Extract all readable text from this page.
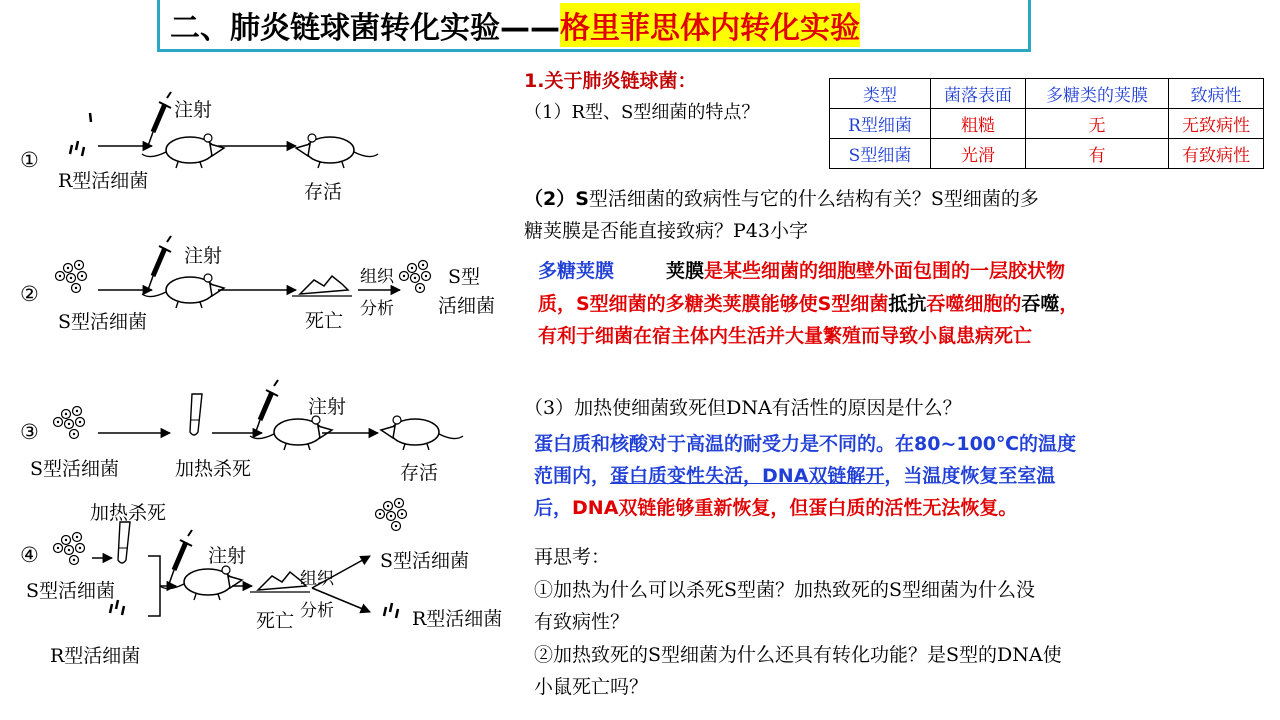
二、肺炎链球菌转化实验—— 格里菲思体内转化实验
①
R型活细菌
注射
存活
②
S型活细菌
注射
死亡
组织
分析
S型
活细菌
③
S型活细菌	加热杀死
注射
存活
加热杀死
④
S型活细菌
R型活细菌
注射
死亡
组织
分析
S型活细菌
R型活细菌
1.关于肺炎链球菌：
（1）R型、S型细菌的特点？
类型	菌落表面	多糖类的荚膜	致病性
R型细菌	粗糙	无	无致病性
S型细菌	光滑	有	有致病性
（2）S型活细菌的致病性与它的什么结构有关？S型细菌的多
糖荚膜是否能直接致病？P43小字
多糖荚膜	荚膜是某些细菌的细胞壁外面包围的一层胶状物
质，S型细菌的多糖类荚膜能够使S型细菌抵抗吞噬细胞的吞噬，
有利于细菌在宿主体内生活并大量繁殖而导致小鼠患病死亡
（3）加热使细菌致死但DNA有活性的原因是什么？
蛋白质和核酸对于高温的耐受力是不同的。在80~100℃的温度
范围内，蛋白质变性失活，DNA双链解开，当温度恢复至室温
后，DNA双链能够重新恢复，但蛋白质的活性无法恢复。
再思考：
①加热为什么可以杀死S型菌？加热致死的S型细菌为什么没
有致病性？
②加热致死的S型细菌为什么还具有转化功能？是S型的DNA使
小鼠死亡吗？
